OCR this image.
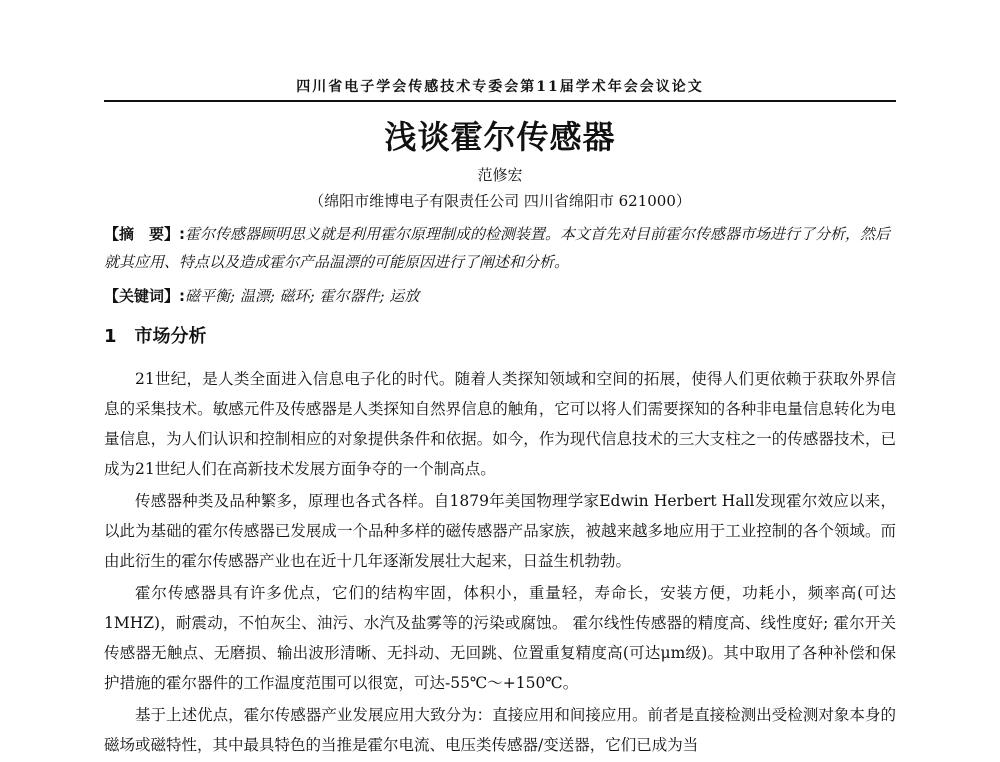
四川省电子学会传感技术专委会第11届学术年会会议论文
浅谈霍尔传感器
范修宏
（绵阳市维博电子有限责任公司 四川省绵阳市 621000）
【摘　要】:霍尔传感器顾明思义就是利用霍尔原理制成的检测装置。本文首先对目前霍尔传感器市场进行了分析，然后就其应用、特点以及造成霍尔产品温漂的可能原因进行了阐述和分析。
【关键词】:磁平衡; 温漂; 磁环; 霍尔器件; 运放
1 市场分析

21世纪，是人类全面进入信息电子化的时代。随着人类探知领域和空间的拓展，使得人们更依赖于获取外界信息的采集技术。敏感元件及传感器是人类探知自然界信息的触角，它可以将人们需要探知的各种非电量信息转化为电量信息，为人们认识和控制相应的对象提供条件和依据。如今，作为现代信息技术的三大支柱之一的传感器技术，已成为21世纪人们在高新技术发展方面争夺的一个制高点。

传感器种类及品种繁多，原理也各式各样。自1879年美国物理学家Edwin Herbert Hall发现霍尔效应以来，以此为基础的霍尔传感器已发展成一个品种多样的磁传感器产品家族，被越来越多地应用于工业控制的各个领域。而由此衍生的霍尔传感器产业也在近十几年逐渐发展壮大起来，日益生机勃勃。

霍尔传感器具有许多优点，它们的结构牢固，体积小，重量轻，寿命长，安装方便，功耗小，频率高(可达1MHZ)，耐震动，不怕灰尘、油污、水汽及盐雾等的污染或腐蚀。 霍尔线性传感器的精度高、线性度好; 霍尔开关传感器无触点、无磨损、输出波形清晰、无抖动、无回跳、位置重复精度高(可达μm级)。其中取用了各种补偿和保护措施的霍尔器件的工作温度范围可以很宽，可达-55℃～+150℃。

基于上述优点，霍尔传感器产业发展应用大致分为：直接应用和间接应用。前者是直接检测出受检测对象本身的磁场或磁特性，其中最具特色的当推是霍尔电流、电压类传感器/变送器，它们已成为当
